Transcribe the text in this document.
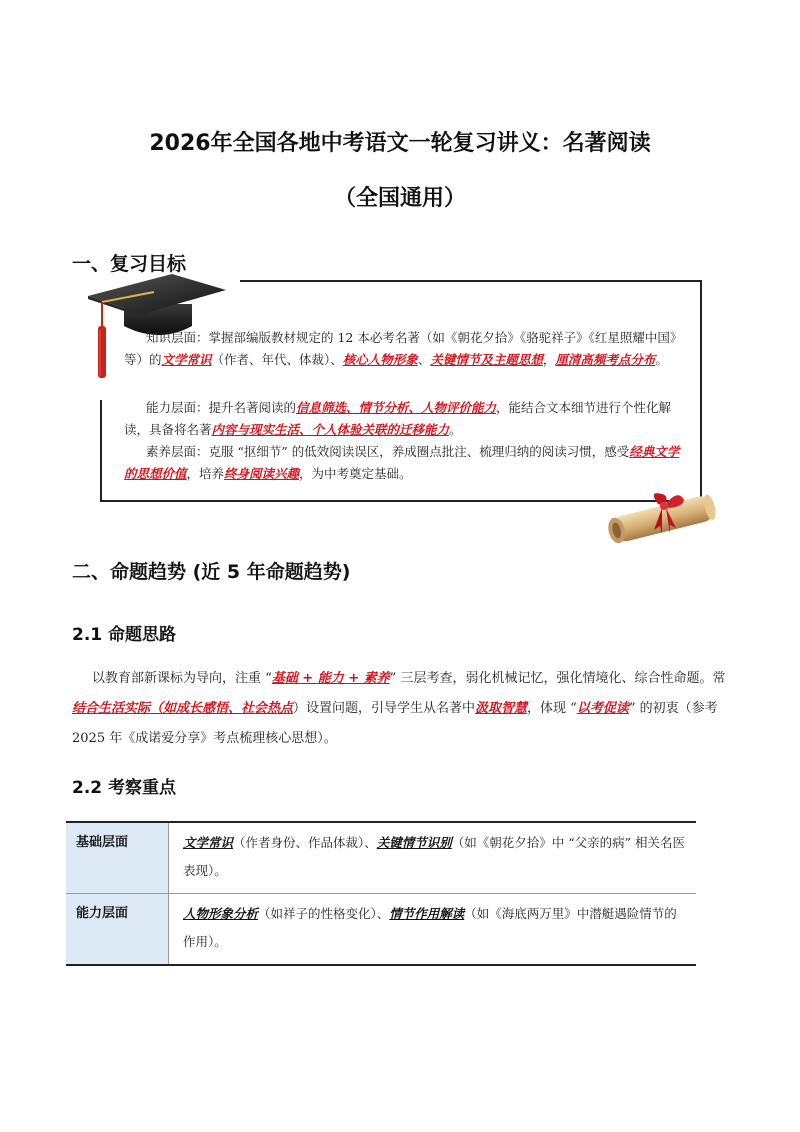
2026年全国各地中考语文一轮复习讲义：名著阅读
（全国通用）
一、复习目标
知识层面：掌握部编版教材规定的 12 本必考名著（如《朝花夕拾》《骆驼祥子》《红星照耀中国》等）的文学常识（作者、年代、体裁）、核心人物形象、关键情节及主题思想，厘清高频考点分布。
能力层面：提升名著阅读的信息筛选、情节分析、人物评价能力，能结合文本细节进行个性化解读，具备将名著内容与现实生活、个人体验关联的迁移能力。
素养层面：克服 “抠细节” 的低效阅读误区，养成圈点批注、梳理归纳的阅读习惯，感受经典文学的思想价值，培养终身阅读兴趣，为中考奠定基础。
二、命题趋势 (近 5 年命题趋势)
2.1 命题思路
以教育部新课标为导向，注重 “基础 + 能力 + 素养” 三层考查，弱化机械记忆，强化情境化、综合性命题。常结合生活实际（如成长感悟、社会热点）设置问题，引导学生从名著中汲取智慧，体现 “以考促读” 的初衷（参考 2025 年《成诺爱分享》考点梳理核心思想）。
2.2 考察重点
基础层面	文学常识（作者身份、作品体裁）、关键情节识别（如《朝花夕拾》中 “父亲的病” 相关名医表现）。
能力层面	人物形象分析（如祥子的性格变化）、情节作用解读（如《海底两万里》中潜艇遇险情节的作用）。
